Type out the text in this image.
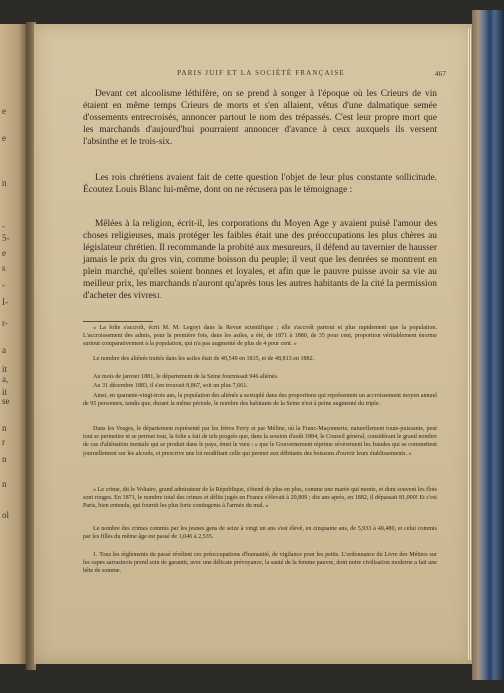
e
e
n
-
5-
e
s
-
I-
r-
a
it
a,
it
se
n
r
n
n
ol
PARIS JUIF ET LA SOCIÉTÉ FRANÇAISE	467
Devant cet alcoolisme léthifère, on se prend à songer à l'époque où les Crieurs de vin étaient en même temps Crieurs de morts et s'en allaient, vêtus d'une dalmatique semée d'ossements entrecroisés, annoncer partout le nom des trépassés. C'est leur propre mort que les marchands d'aujourd'hui pourraient annoncer d'avance à ceux auxquels ils versent l'absinthe et le trois-six.
Les rois chrétiens avaient fait de cette question l'objet de leur plus constante sollicitude. Écoutez Louis Blanc lui-même, dont on ne récusera pas le témoignage :
Mêlées à la religion, écrit-il, les corporations du Moyen Age y avaient puisé l'amour des choses religieuses, mais protéger les faibles était une des préoccupations les plus chères au législateur chrétien. Il recommande la probité aux mesureurs, il défend au tavernier de hausser jamais le prix du gros vin, comme boisson du peuple; il veut que les denrées se montrent en plein marché, qu'elles soient bonnes et loyales, et afin que le pauvre puisse avoir sa vie au meilleur prix, les marchands n'auront qu'après tous les autres habitants de la cité la permission d'acheter des vivres1.
« La folie s'accroît, écrit M. M. Legoyt dans la Revue scientifique ; elle s'accroît partout et plus rapidement que la population. L'accroissement des admis, pour la première fois, dans les asiles, a été, de 1871 à 1880, de 35 pour cent, proportion véritablement énorme surtout comparativement à la population, qui n'a pas augmenté de plus de 4 pour cent. »
Le nombre des aliénés traités dans les asiles était de 40,549 en 1835, et de 48,813 en 1882.
Au mois de janvier 1881, le département de la Seine fournissait 946 aliénés.
Au 31 décembre 1883, il s'en trouvait 8,867, soit un plus 7,661.
Ainsi, en quarante-vingt-trois ans, la population des aliénés a sextuplé dans des proportions qui représentent un accroissement moyen annuel de 95 personnes, tandis que, durant la même période, le nombre des habitants de la Seine n'est à peine augmenté du triple.
Dans les Vosges, le département représenté par les frères Ferry et par Méline, où la Franc-Maçonnerie, naturellement toute-puissante, peut tout se permettre et se permet tout, la folie a fait de tels progrès que, dans la session d'août 1884, le Conseil général, considérant le grand nombre de cas d'aliénation mentale qui se produit dans le pays, émet le vœu : « que le Gouvernement réprime sévèrement les fraudes qui se commettent journellement sur les alcools, et prescrive une loi modifiant celle qui permet aux débitants des boissons d'ouvrir leurs établissements. »
« Le crime, dit le Voltaire, grand admirateur de la République, s'étend de plus en plus, comme une marée qui monte, et dont souvent les flots sont rouges. En 1871, le nombre total des crimes et délits jugés en France s'élevait à 20,809 ; dix ans après, en 1882, il dépassait 81,000! Et c'est Paris, bien entendu, qui fournit les plus forts contingents à l'armée du mal. »
Le nombre des crimes commis par les jeunes gens de seize à vingt un ans s'est élevé, en cinquante ans, de 5,933 à 40,480, et celui commis par les filles du même âge est passé de 1,046 à 2,535.
1. Tous les règlements du passé révèlent ces préoccupations d'humanité, de vigilance pour les petits. L'ordonnance du Livre des Métiers sur les capes sarrasinois prend soin de garantir, avec une délicate prévoyance, la santé de la femme pauvre, dont notre civilisation moderne a fait une bête de somme.
